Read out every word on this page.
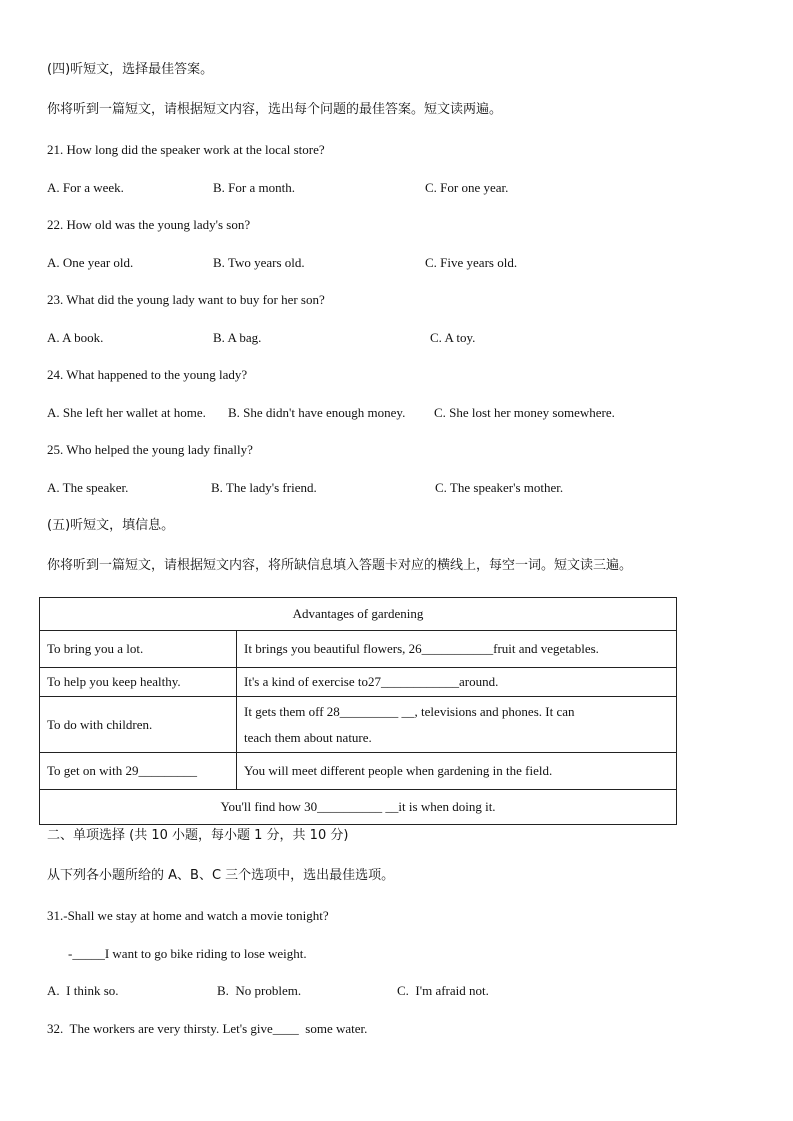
(四)听短文，选择最佳答案。
你将听到一篇短文，请根据短文内容，选出每个问题的最佳答案。短文读两遍。
21. How long did the speaker work at the local store?
A. For a week.	B. For a month.	C. For one year.
22. How old was the young lady's son?
A. One year old.	B. Two years old.	C. Five years old.
23. What did the young lady want to buy for her son?
A. A book.	B. A bag.	C. A toy.
24. What happened to the young lady?
A. She left her wallet at home. B. She didn't have enough money. C. She lost her money somewhere.
25. Who helped the young lady finally?
A. The speaker.	B. The lady's friend.	C. The speaker's mother.
(五)听短文，填信息。
你将听到一篇短文，请根据短文内容，将所缺信息填入答题卡对应的横线上，每空一词。短文读三遍。
Advantages of gardening	
To bring you a lot.	It brings you beautiful flowers, 26___________fruit and vegetables.
To help you keep healthy.	It's a kind of exercise to27____________around.
To do with children.	It gets them off 28_________ __, televisions and phones. It can
teach them about nature.

To get on with 29_________	You will meet different people when gardening in the field.
You'll find how 30__________ __it is when doing it.	
二、单项选择 (共 10 小题，每小题 1 分，共 10 分)
从下列各小题所给的 A、B、C 三个选项中，选出最佳选项。
31.-Shall we stay at home and watch a movie tonight?
-_____I want to go bike riding to lose weight.
A.  I think so.	B.  No problem.	C.  I'm afraid not.
32.  The workers are very thirsty. Let's give____  some water.
